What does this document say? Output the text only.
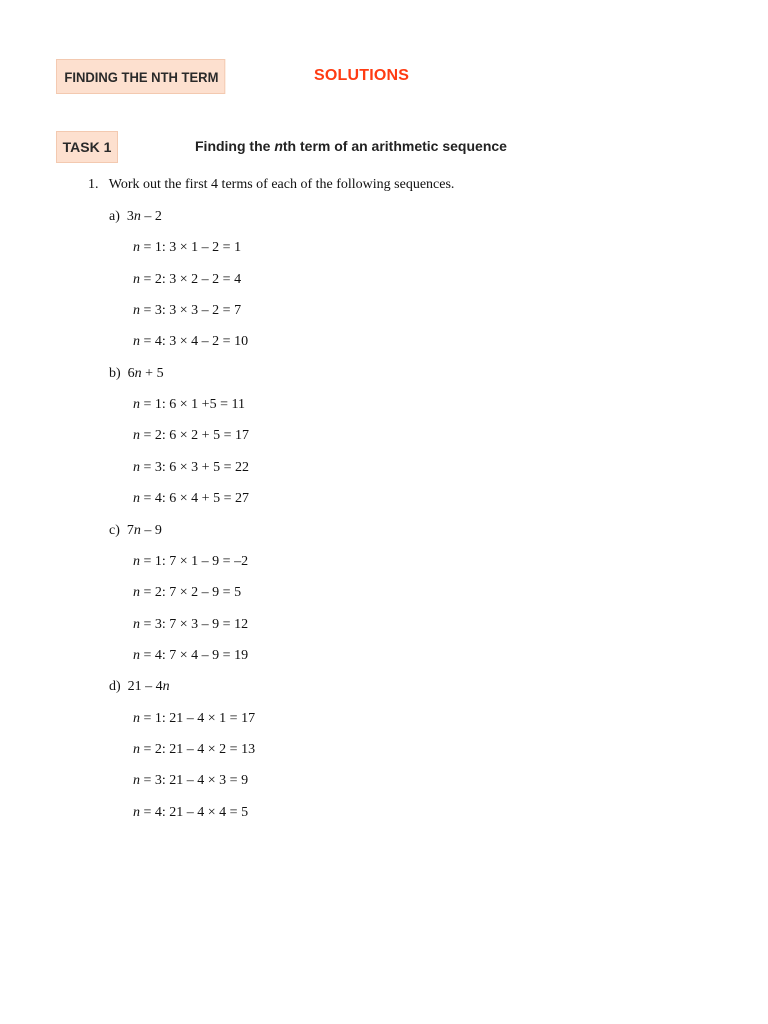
FINDING THE NTH TERM	SOLUTIONS
TASK 1	Finding the nth term of an arithmetic sequence
1. Work out the first 4 terms of each of the following sequences.
a) 3n – 2
n = 1: 3 × 1 – 2 = 1
n = 2: 3 × 2 – 2 = 4
n = 3: 3 × 3 – 2 = 7
n = 4: 3 × 4 – 2 = 10
b) 6n + 5
n = 1: 6 × 1 +5 = 11
n = 2: 6 × 2 + 5 = 17
n = 3: 6 × 3 + 5 = 22
n = 4: 6 × 4 + 5 = 27
c) 7n – 9
n = 1: 7 × 1 – 9 = –2
n = 2: 7 × 2 – 9 = 5
n = 3: 7 × 3 – 9 = 12
n = 4: 7 × 4 – 9 = 19
d) 21 – 4n
n = 1: 21 – 4 × 1 = 17
n = 2: 21 – 4 × 2 = 13
n = 3: 21 – 4 × 3 = 9
n = 4: 21 – 4 × 4 = 5
